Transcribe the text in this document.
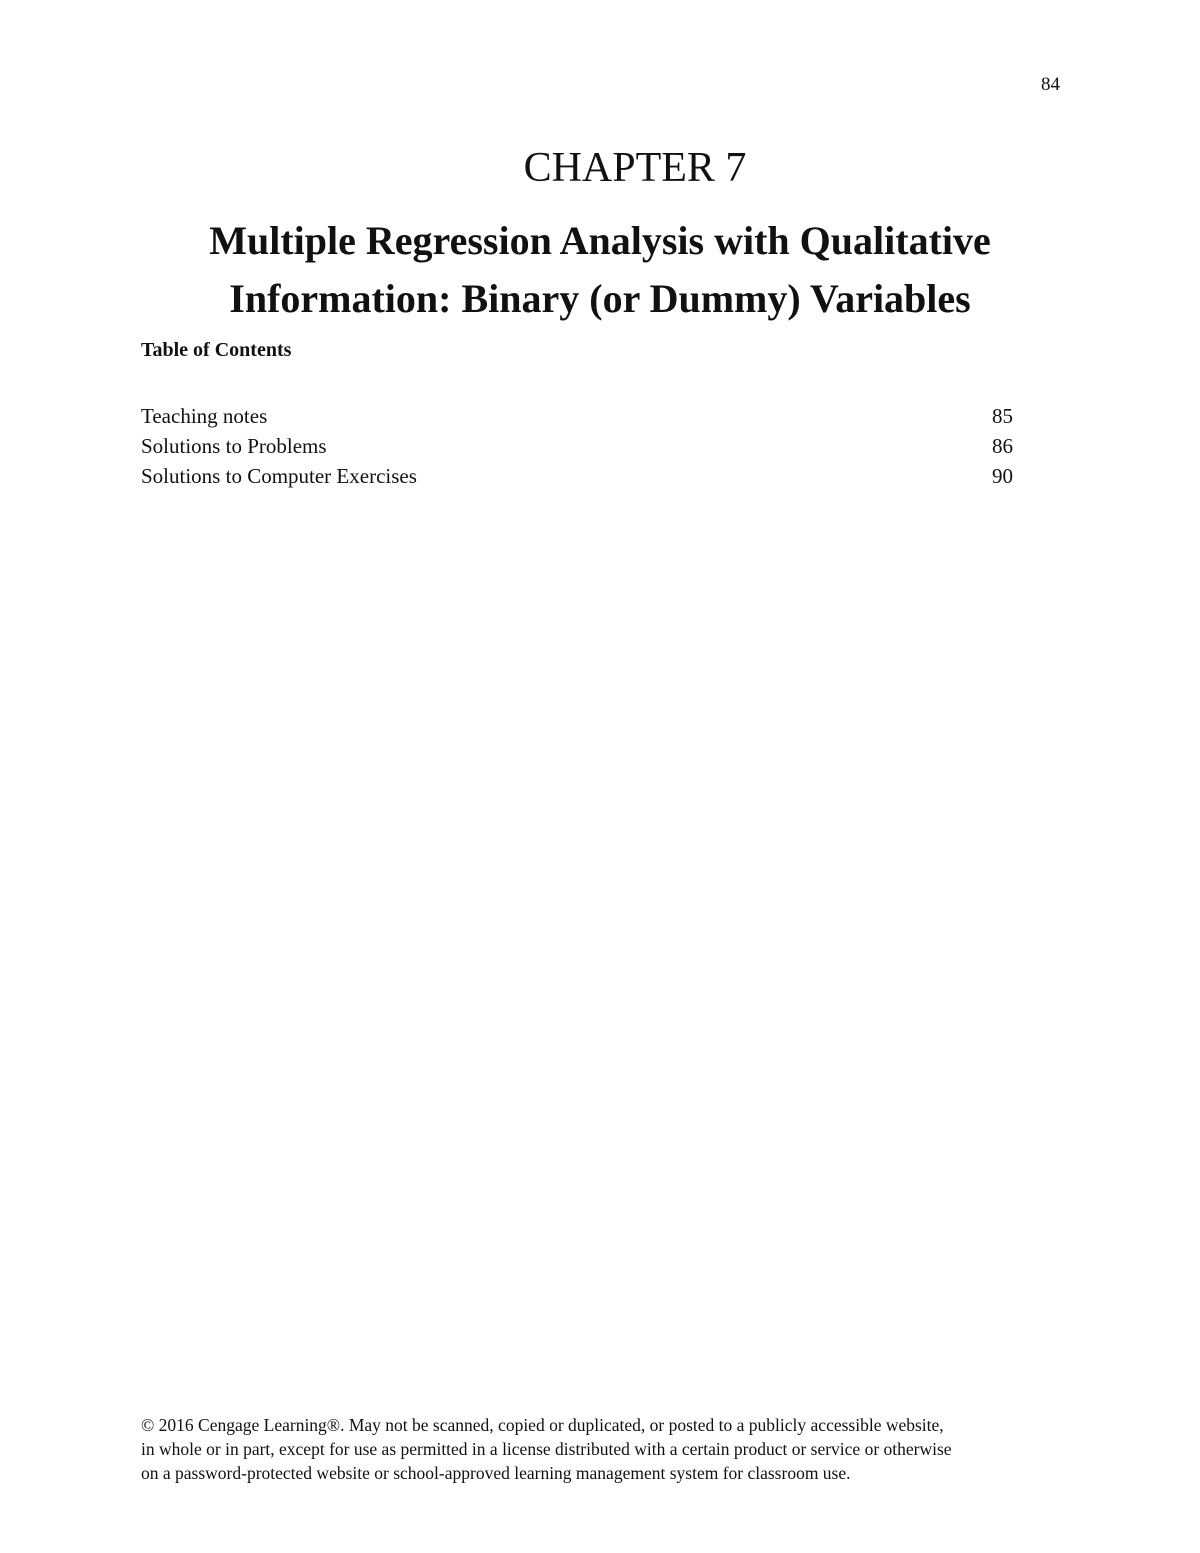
84
CHAPTER 7
Multiple Regression Analysis with Qualitative
Information: Binary (or Dummy) Variables
Table of Contents
Teaching notes	85
Solutions to Problems	86
Solutions to Computer Exercises	90
© 2016 Cengage Learning®. May not be scanned, copied or duplicated, or posted to a publicly accessible website,
in whole or in part, except for use as permitted in a license distributed with a certain product or service or otherwise
on a password-protected website or school-approved learning management system for classroom use.
